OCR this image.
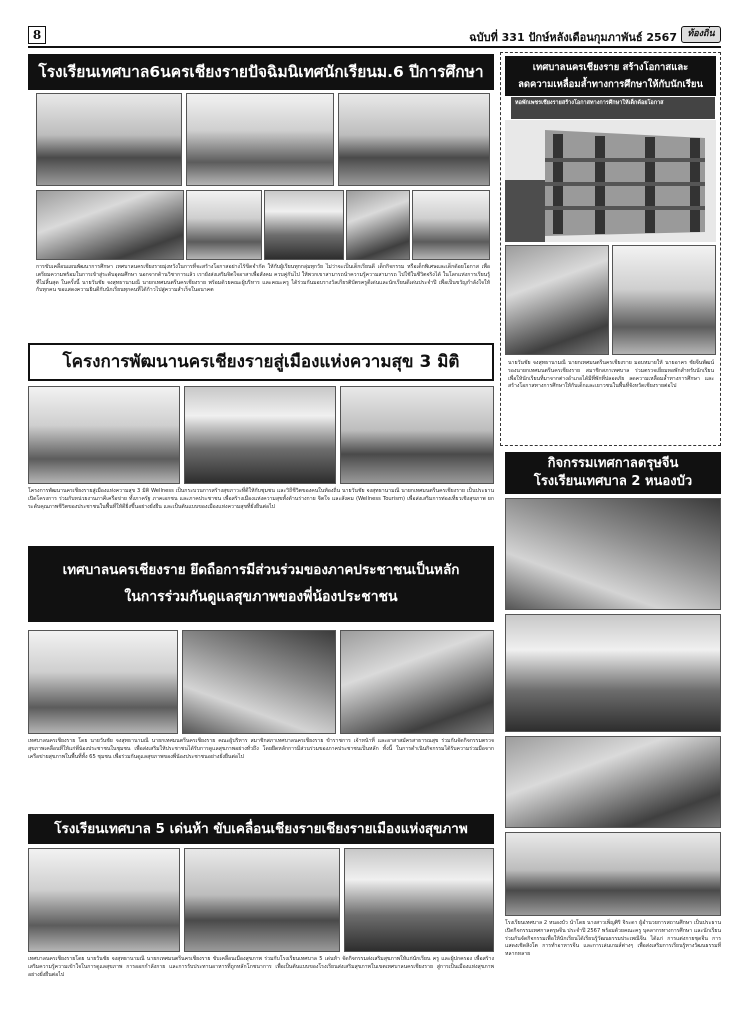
8	ฉบับที่ 331 ปักษ์หลังเดือนกุมภาพันธ์ 2567	ท้องถิ่น
โรงเรียนเทศบาล6นครเชียงรายปัจฉิมนิเทศนักเรียนม.6 ปีการศึกษา
การขับเคลื่อนแผนพัฒนาการศึกษา เทศบาลนครเชียงรายมุ่งหวังในการที่จะสร้างโอกาสอย่างไร้ขีดจำกัด ให้กับผู้เรียนทุกกลุ่มทุกวัย ไม่ว่าจะเป็นเด็กเรียนดี เด็กกิจกรรม หรือเด็กพิเศษและเด็กด้อยโอกาส เพื่อเตรียมความพร้อมในการเข้าสู่ระดับอุดมศึกษา นอกจากด้านวิชาการแล้ว เรายังส่งเสริมจิตใจอาสาเพื่อสังคม ควบคู่กันไป ให้พวกเขาสามารถนำความรู้ความสามารถ ไปใช้ในชีวิตจริงได้ ในโลกแห่งการเรียนรู้ที่ไม่สิ้นสุด ในครั้งนี้ นายวันชัย จงสุทธานามณี นายกเทศมนตรีนครเชียงราย พร้อมด้วยคณะผู้บริหาร และคณะครู ได้ร่วมกันมอบรางวัลเกียรติบัตรครูดีเด่นและนักเรียนดีเด่นประจำปี เพื่อเป็นขวัญกำลังใจให้กับทุกคน ขอแสดงความยินดีกับนักเรียนทุกคนที่ได้ก้าวไปสู่ความสำเร็จในอนาคต
โครงการพัฒนานครเชียงรายสู่เมืองแห่งความสุข 3 มิติ
โครงการพัฒนานครเชียงรายสู่เมืองแห่งความสุข 3 มิติ Wellness เป็นกระบวนการสร้างสุขภาวะที่ดีให้กับชุมชน และวิถีชีวิตของคนในท้องถิ่น นายวันชัย จงสุทธานามณี นายกเทศมนตรีนครเชียงราย เป็นประธานเปิดโครงการ ร่วมกับหน่วยงานภาคีเครือข่าย ทั้งภาครัฐ ภาคเอกชน และภาคประชาชน เพื่อสร้างเมืองแห่งความสุขทั้งด้านร่างกาย จิตใจ และสังคม (Wellness Tourism) เพื่อส่งเสริมการท่องเที่ยวเชิงสุขภาพ ยกระดับคุณภาพชีวิตของประชาชนในพื้นที่ให้ดียิ่งขึ้นอย่างยั่งยืน และเป็นต้นแบบของเมืองแห่งความสุขที่ยั่งยืนต่อไป
เทศบาลนครเชียงราย ยึดถือการมีส่วนร่วมของภาคประชาชนเป็นหลัก
ในการร่วมกันดูแลสุขภาพของพี่น้องประชาชน
เทศบาลนครเชียงราย โดย นายวันชัย จงสุทธานามณี นายกเทศมนตรีนครเชียงราย คณะผู้บริหาร สมาชิกสภาเทศบาลนครเชียงราย ข้าราชการ เจ้าหน้าที่ และอาสาสมัครสาธารณสุข ร่วมกันจัดกิจกรรมตรวจสุขภาพเคลื่อนที่ให้แก่พี่น้องประชาชนในชุมชน เพื่อส่งเสริมให้ประชาชนได้รับการดูแลสุขภาพอย่างทั่วถึง โดยยึดหลักการมีส่วนร่วมของภาคประชาชนเป็นหลัก ทั้งนี้ ในการดำเนินกิจกรรมได้รับความร่วมมือจากเครือข่ายสุขภาพในพื้นที่ทั้ง 65 ชุมชน เพื่อร่วมกันดูแลสุขภาพของพี่น้องประชาชนอย่างยั่งยืนต่อไป
โรงเรียนเทศบาล 5 เด่นห้า ขับเคลื่อนเชียงรายเชียงรายเมืองแห่งสุขภาพ
เทศบาลนครเชียงรายโดย นายวันชัย จงสุทธานามณี นายกเทศมนตรีนครเชียงราย ขับเคลื่อนเมืองสุขภาพ ร่วมกับโรงเรียนเทศบาล 5 เด่นห้า จัดกิจกรรมส่งเสริมสุขภาพให้แก่นักเรียน ครู และผู้ปกครอง เพื่อสร้างเสริมความรู้ความเข้าใจในการดูแลสุขภาพ การออกกำลังกาย และการรับประทานอาหารที่ถูกหลักโภชนาการ เพื่อเป็นต้นแบบของโรงเรียนส่งเสริมสุขภาพในเขตเทศบาลนครเชียงราย สู่การเป็นเมืองแห่งสุขภาพอย่างยั่งยืนต่อไป
เทศบาลนครเชียงราย สร้างโอกาสและ
ลดความเหลื่อมล้ำทางการศึกษาให้กับนักเรียน
หอพักเพชรเชียงรายสร้างโอกาสทางการศึกษาให้เด็กด้อยโอกาส
นายวันชัย จงสุทธานามณี นายกเทศมนตรีนครเชียงราย มอบหมายให้ นายอาคร ชัยจีนพัฒน์ รองนายกเทศมนตรีนครเชียงราย สมาชิกสภาเทศบาล ร่วมตรวจเยี่ยมหอพักสำหรับนักเรียน เพื่อให้นักเรียนที่มาจากต่างอำเภอได้มีที่พักที่ปลอดภัย ลดความเหลื่อมล้ำทางการศึกษา และสร้างโอกาสทางการศึกษาให้กับเด็กและเยาวชนในพื้นที่จังหวัดเชียงรายต่อไป
กิจกรรมเทศกาลตรุษจีน
โรงเรียนเทศบาล 2 หนองบัว
โรงเรียนเทศบาล 2 หนองบัว นำโดย นางสาวเพ็ญศิริ จิระดา ผู้อำนวยการสถานศึกษา เป็นประธานเปิดกิจกรรมเทศกาลตรุษจีน ประจำปี 2567 พร้อมด้วยคณะครู บุคลากรทางการศึกษา และนักเรียน ร่วมกันจัดกิจกรรมเพื่อให้นักเรียนได้เรียนรู้วัฒนธรรมประเพณีจีน ได้แก่ การแต่งกายชุดจีน การแสดงเชิดสิงโต การทำอาหารจีน และการเล่นเกมส์ต่างๆ เพื่อส่งเสริมการเรียนรู้ทางวัฒนธรรมที่หลากหลาย
